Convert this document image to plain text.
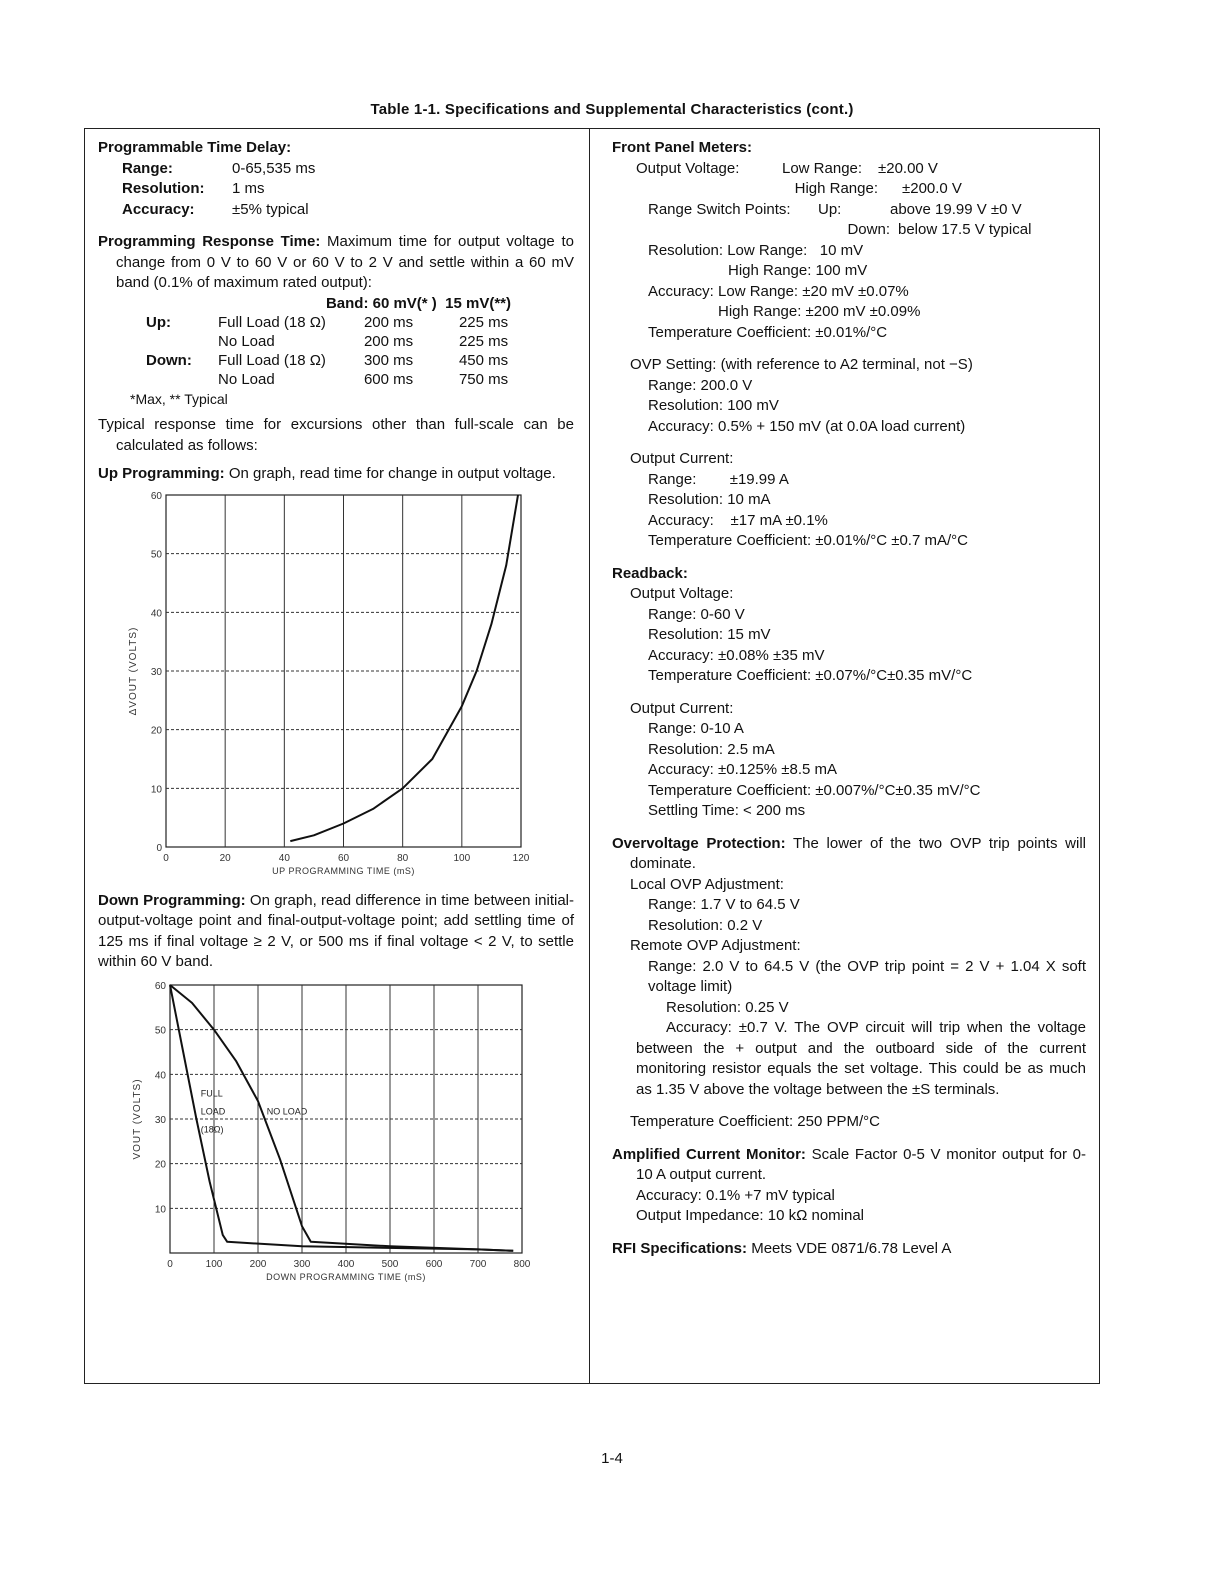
Table 1-1. Specifications and Supplemental Characteristics (cont.)
Programmable Time Delay:
Range:	0-65,535 ms
Resolution:	1 ms
Accuracy:	±5% typical
Programming Response Time: Maximum time for output voltage to change from 0 V to 60 V or 60 V to 2 V and settle within a 60 mV band (0.1% of maximum rated output):
		Band: 60 mV(* ) 15 mV(**)	
Up:	Full Load (18 Ω)	200 ms	225 ms
	No Load	200 ms	225 ms
Down:	Full Load (18 Ω)	300 ms	450 ms
	No Load	600 ms	750 ms
*Max, ** Typical
Typical response time for excursions other than full-scale can be calculated as follows:
Up Programming: On graph, read time for change in output voltage.
0	20	40	60	80	100	120
0
10
20
30
40
50
60
UP PROGRAMMING TIME (mS)
ΔVOUT (VOLTS)
Down Programming: On graph, read difference in time between initial-output-voltage point and final-output-voltage point; add settling time of 125 ms if final voltage ≥ 2 V, or 500 ms if final voltage < 2 V, to settle within 60 V band.
0	100	200	300	400	500	600	700	800
10
20
30
40
50
60
DOWN PROGRAMMING TIME (mS)
VOUT (VOLTS)	FULL
LOAD
(18Ω)
NO LOAD
Front Panel Meters:
Output Voltage:	Low Range:	±20.00 V
High Range:	±200.0 V
Range Switch Points:	Up:	above 19.99 V ±0 V
Down: below 17.5 V typical
Resolution: Low Range:   10 mV
High Range: 100 mV
Accuracy: Low Range: ±20 mV ±0.07%
High Range: ±200 mV ±0.09%
Temperature Coefficient: ±0.01%/°C
OVP Setting: (with reference to A2 terminal, not −S)
Range: 200.0 V
Resolution: 100 mV
Accuracy: 0.5% + 150 mV (at 0.0A load current)
Output Current:
Range:        ±19.99 A
Resolution: 10 mA
Accuracy:    ±17 mA ±0.1%
Temperature Coefficient: ±0.01%/°C ±0.7 mA/°C
Readback:
Output Voltage:
Range: 0-60 V
Resolution: 15 mV
Accuracy: ±0.08% ±35 mV
Temperature Coefficient: ±0.07%/°C±0.35 mV/°C
Output Current:
Range: 0-10 A
Resolution: 2.5 mA
Accuracy: ±0.125% ±8.5 mA
Temperature Coefficient: ±0.007%/°C±0.35 mV/°C
Settling Time: < 200 ms
Overvoltage Protection: The lower of the two OVP trip points will dominate.
Local OVP Adjustment:
Range: 1.7 V to 64.5 V
Resolution: 0.2 V
Remote OVP Adjustment:
Range: 2.0 V to 64.5 V (the OVP trip point = 2 V + 1.04 X soft voltage limit)
Resolution: 0.25 V
Accuracy: ±0.7 V. The OVP circuit will trip when the voltage between the + output and the outboard side of the current monitoring resistor equals the set voltage. This could be as much as 1.35 V above the voltage between the ±S terminals.
Temperature Coefficient: 250 PPM/°C
Amplified Current Monitor: Scale Factor 0-5 V monitor output for 0-10 A output current.
Accuracy: 0.1% +7 mV typical
Output Impedance: 10 kΩ nominal
RFI Specifications: Meets VDE 0871/6.78 Level A
1-4
